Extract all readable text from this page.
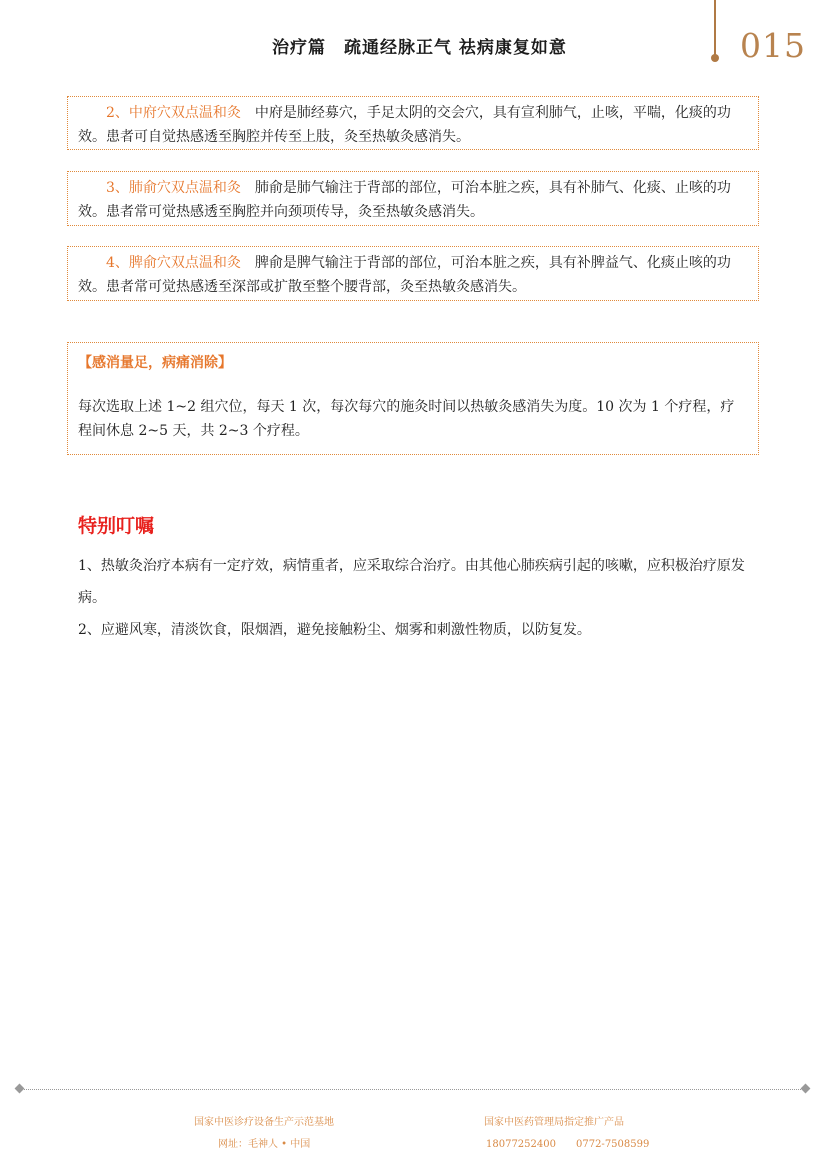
治疗篇　疏通经脉正气 祛病康复如意	015

2、中府穴双点温和灸　 中府是肺经募穴，手足太阴的交会穴，具有宣利肺气，止咳，平喘，化痰的功效。患者可自觉热感透至胸腔并传至上肢，灸至热敏灸感消失。

3、肺俞穴双点温和灸　 肺俞是肺气输注于背部的部位，可治本脏之疾，具有补肺气、化痰、止咳的功效。患者常可觉热感透至胸腔并向颈项传导，灸至热敏灸感消失。

4、脾俞穴双点温和灸　 脾俞是脾气输注于背部的部位，可治本脏之疾，具有补脾益气、化痰止咳的功效。患者常可觉热感透至深部或扩散至整个腰背部，灸至热敏灸感消失。

【感消量足，病痛消除】

每次选取上述 1~2 组穴位，每天 1 次，每次每穴的施灸时间以热敏灸感消失为度。10 次为 1 个疗程，疗程间休息 2~5 天，共 2~3 个疗程。

特别叮嘱

1、热敏灸治疗本病有一定疗效，病情重者，应采取综合治疗。由其他心肺疾病引起的咳嗽，应积极治疗原发病。

2、应避风寒，清淡饮食，限烟酒，避免接触粉尘、烟雾和刺激性物质，以防复发。

国家中医诊疗设备生产示范基地
网址：毛神人 • 中国
国家中医药管理局指定推广产品
18077252400　　0772-7508599
